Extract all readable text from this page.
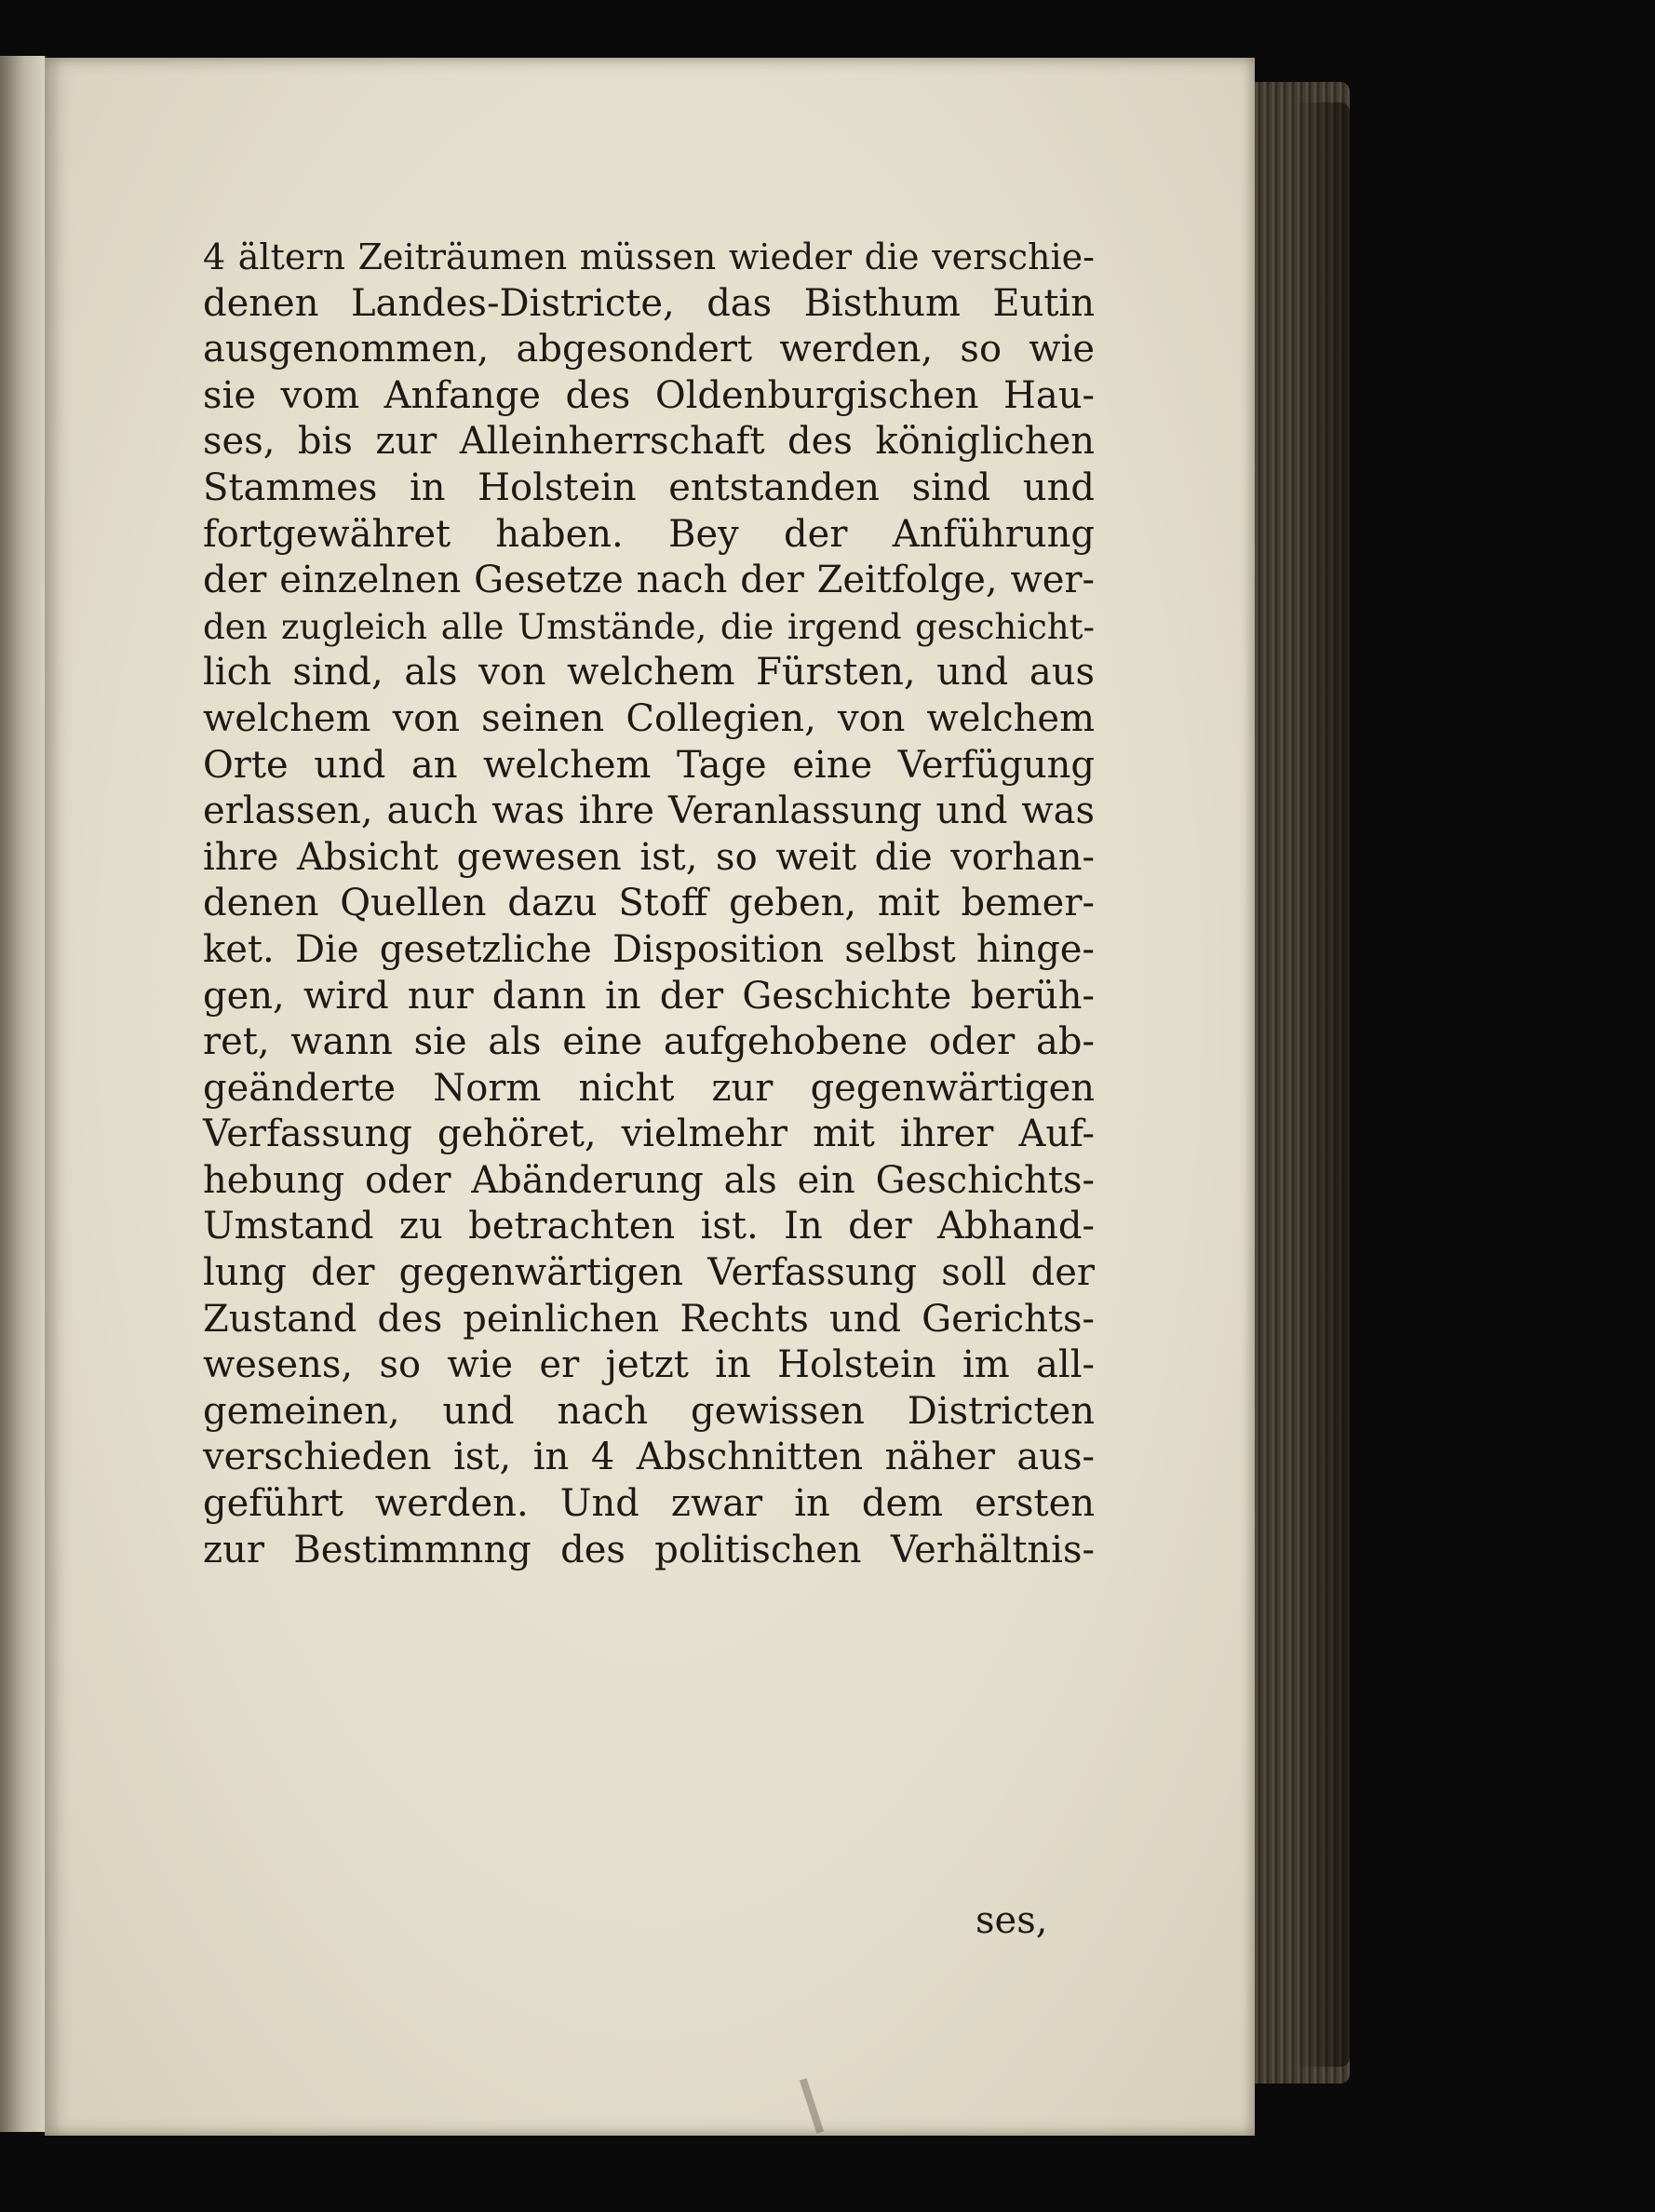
4 ältern Zeiträumen müssen wieder die verschie-
denen Landes-Districte, das Bisthum Eutin
ausgenommen, abgesondert werden, so wie
sie vom Anfange des Oldenburgischen Hau-
ses, bis zur Alleinherrschaft des königlichen
Stammes in Holstein entstanden sind und
fortgewähret haben. Bey der Anführung
der einzelnen Gesetze nach der Zeitfolge, wer-
den zugleich alle Umstände, die irgend geschicht-
lich sind, als von welchem Fürsten, und aus
welchem von seinen Collegien, von welchem
Orte und an welchem Tage eine Verfügung
erlassen, auch was ihre Veranlassung und was
ihre Absicht gewesen ist, so weit die vorhan-
denen Quellen dazu Stoff geben, mit bemer-
ket. Die gesetzliche Disposition selbst hinge-
gen, wird nur dann in der Geschichte berüh-
ret, wann sie als eine aufgehobene oder ab-
geänderte Norm nicht zur gegenwärtigen
Verfassung gehöret, vielmehr mit ihrer Auf-
hebung oder Abänderung als ein Geschichts-
Umstand zu betrachten ist. In der Abhand-
lung der gegenwärtigen Verfassung soll der
Zustand des peinlichen Rechts und Gerichts-
wesens, so wie er jetzt in Holstein im all-
gemeinen, und nach gewissen Districten
verschieden ist, in 4 Abschnitten näher aus-
geführt werden. Und zwar in dem ersten
zur Bestimmnng des politischen Verhältnis-
ses,
